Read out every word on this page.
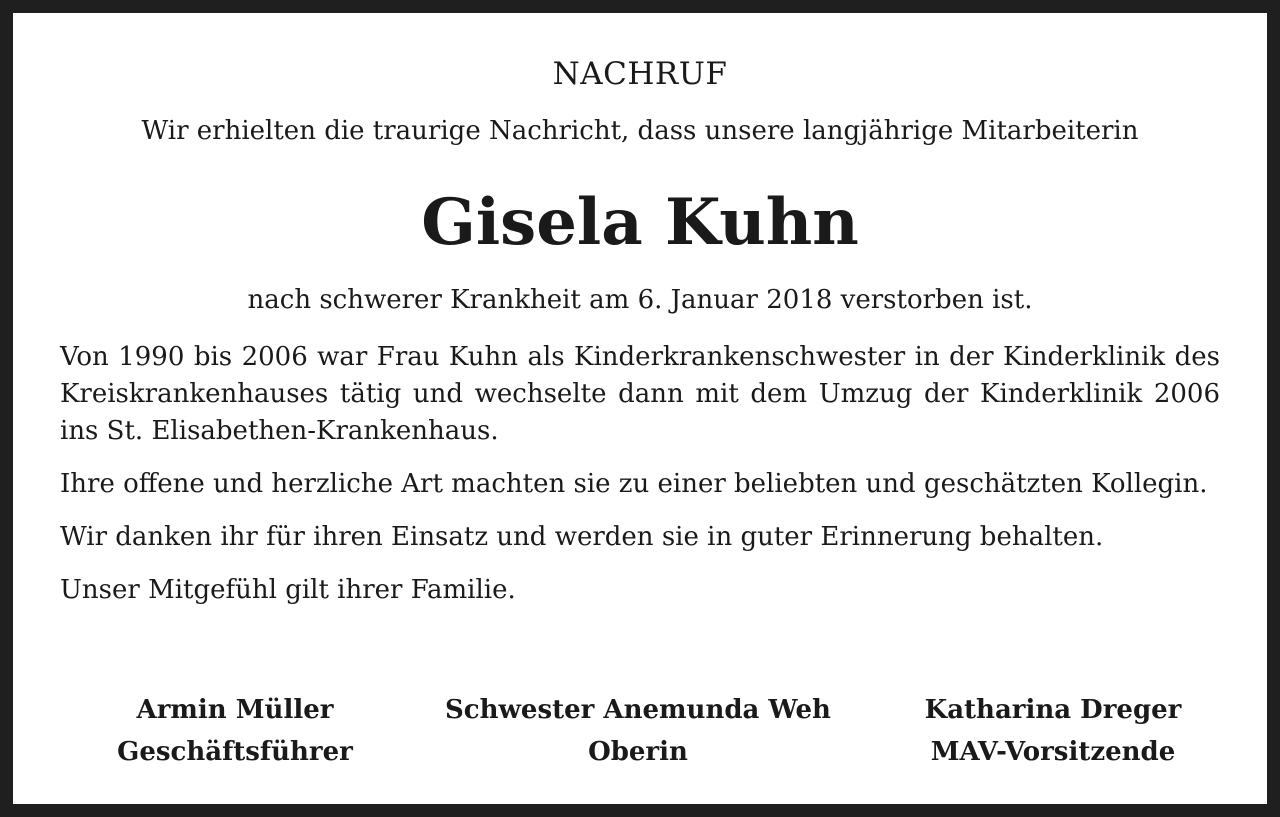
NACHRUF
Wir erhielten die traurige Nachricht, dass unsere langjährige Mitarbeiterin
Gisela Kuhn
nach schwerer Krankheit am 6. Januar 2018 verstorben ist.

Von 1990 bis 2006 war Frau Kuhn als Kinderkrankenschwester in der Kinderklinik des Kreiskrankenhauses tätig und wechselte dann mit dem Umzug der Kinderklinik 2006 ins St. Elisabethen-Krankenhaus.

Ihre offene und herzliche Art machten sie zu einer beliebten und geschätzten Kollegin.

Wir danken ihr für ihren Einsatz und werden sie in guter Erinnerung behalten.

Unser Mitgefühl gilt ihrer Familie.

Armin Müller
Geschäftsführer
Schwester Anemunda Weh
Oberin
Katharina Dreger
MAV-Vorsitzende
